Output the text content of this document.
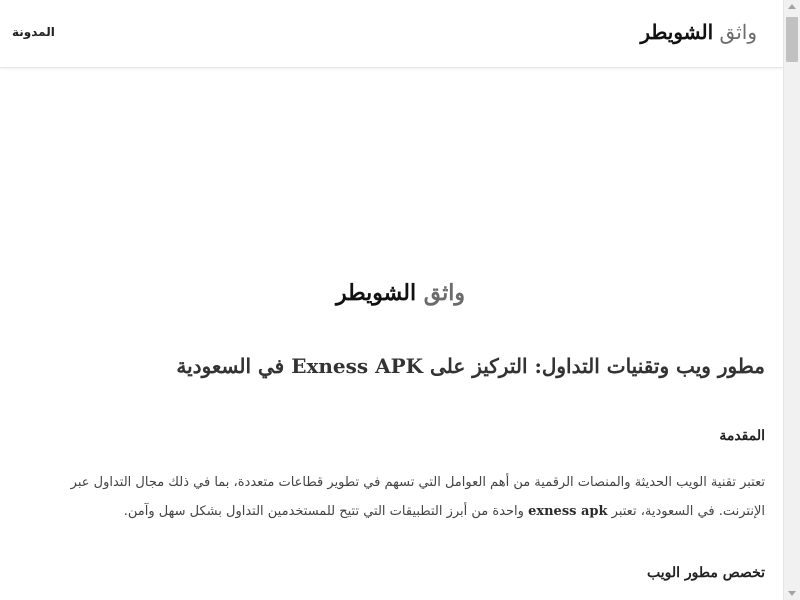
واثق الشويطر
المدونة
واثق الشويطر
مطور ويب وتقنيات التداول: التركيز على Exness APK في السعودية
المقدمة

تعتبر تقنية الويب الحديثة والمنصات الرقمية من أهم العوامل التي تسهم في تطوير قطاعات متعددة، بما في ذلك مجال التداول عبر الإنترنت. في السعودية، تعتبر exness apk واحدة من أبرز التطبيقات التي تتيح للمستخدمين التداول بشكل سهل وآمن.

تخصص مطور الويب
